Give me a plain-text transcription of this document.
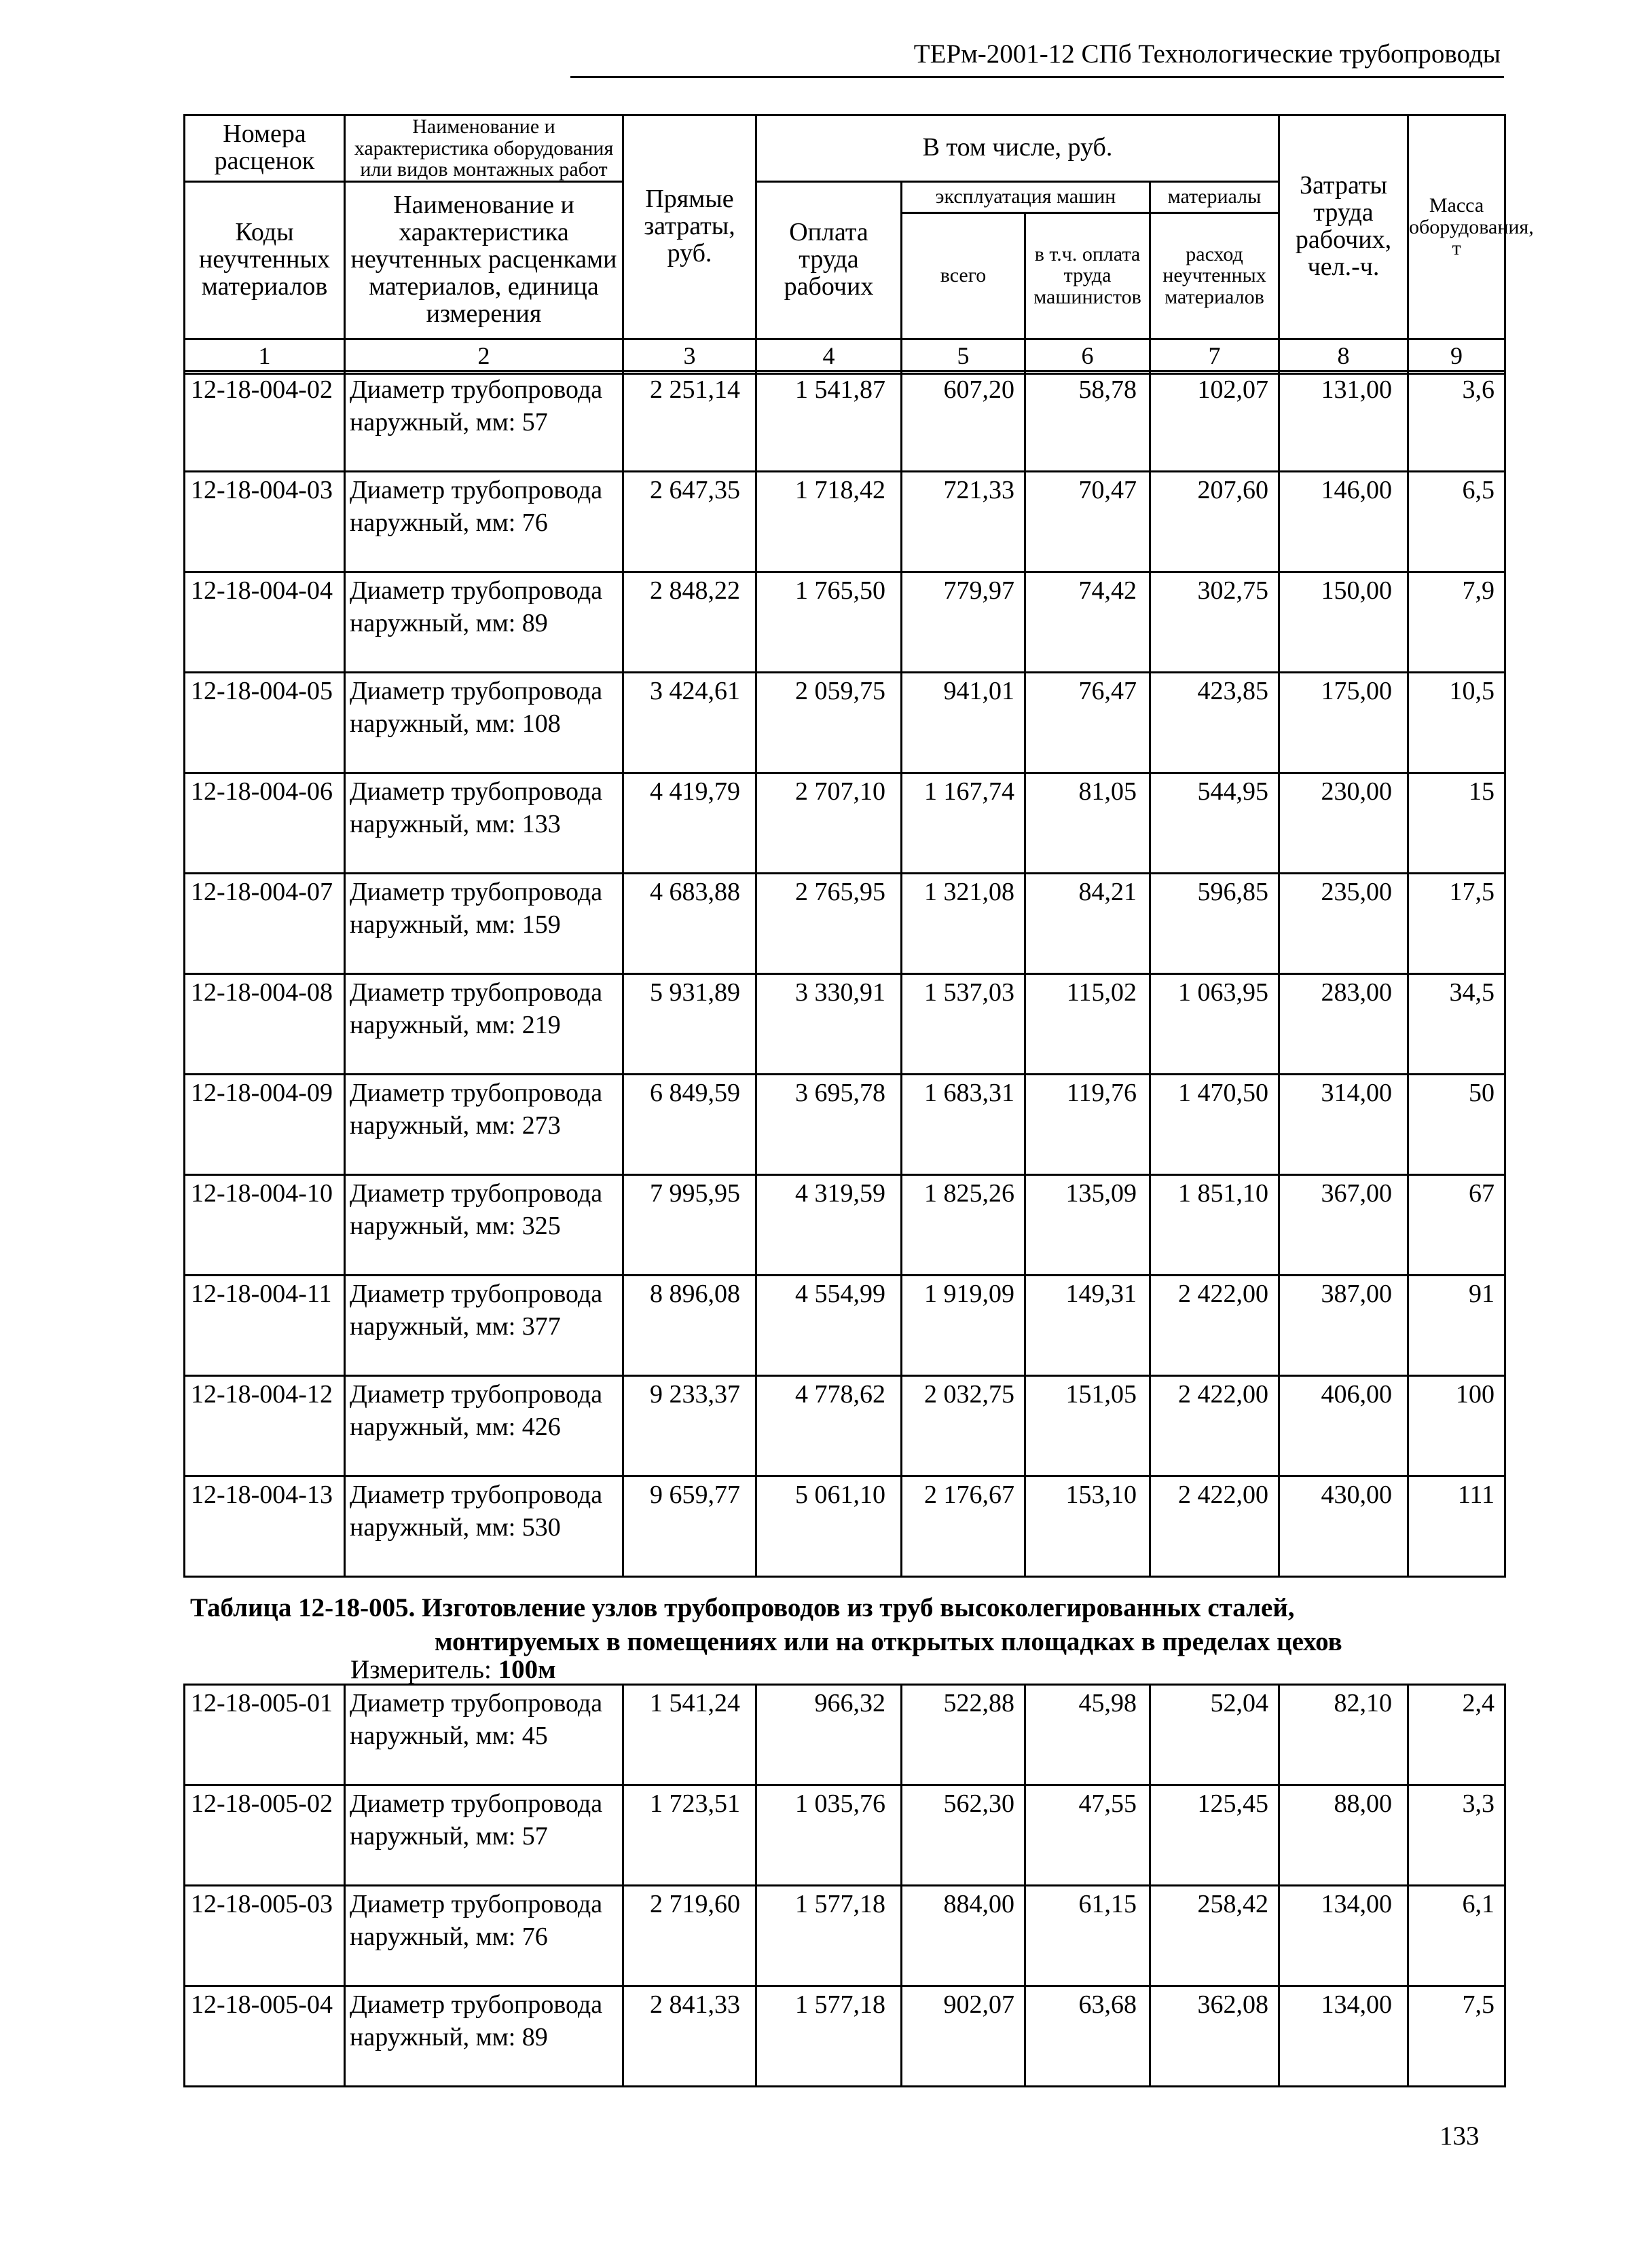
ТЕРм-2001-12 СПб Технологические трубопроводы
Номера расценок	Наименование и характеристика оборудования или видов монтажных работ	Прямые затраты, руб.	В том числе, руб.				Затраты труда рабочих, чел.-ч.	Масса оборудования, т
Коды неучтенных материалов	Наименование и характеристика неучтенных расценками материалов, единица измерения		Оплата труда рабочих	эксплуатация машин		материалы		
				всего	в т.ч. оплата труда машинистов	расход неучтенных материалов		

1	2	3	4	5	6	7	8	9
12-18-004-02	Диаметр трубопровода наружный, мм: 57	2 251,14	1 541,87	607,20	58,78	102,07	131,00	3,6
12-18-004-03	Диаметр трубопровода наружный, мм: 76	2 647,35	1 718,42	721,33	70,47	207,60	146,00	6,5
12-18-004-04	Диаметр трубопровода наружный, мм: 89	2 848,22	1 765,50	779,97	74,42	302,75	150,00	7,9
12-18-004-05	Диаметр трубопровода наружный, мм: 108	3 424,61	2 059,75	941,01	76,47	423,85	175,00	10,5
12-18-004-06	Диаметр трубопровода наружный, мм: 133	4 419,79	2 707,10	1 167,74	81,05	544,95	230,00	15
12-18-004-07	Диаметр трубопровода наружный, мм: 159	4 683,88	2 765,95	1 321,08	84,21	596,85	235,00	17,5
12-18-004-08	Диаметр трубопровода наружный, мм: 219	5 931,89	3 330,91	1 537,03	115,02	1 063,95	283,00	34,5
12-18-004-09	Диаметр трубопровода наружный, мм: 273	6 849,59	3 695,78	1 683,31	119,76	1 470,50	314,00	50
12-18-004-10	Диаметр трубопровода наружный, мм: 325	7 995,95	4 319,59	1 825,26	135,09	1 851,10	367,00	67
12-18-004-11	Диаметр трубопровода наружный, мм: 377	8 896,08	4 554,99	1 919,09	149,31	2 422,00	387,00	91
12-18-004-12	Диаметр трубопровода наружный, мм: 426	9 233,37	4 778,62	2 032,75	151,05	2 422,00	406,00	100
12-18-004-13	Диаметр трубопровода наружный, мм: 530	9 659,77	5 061,10	2 176,67	153,10	2 422,00	430,00	111
Таблица 12-18-005. Изготовление узлов трубопроводов из труб высоколегированных сталей,
монтируемых в помещениях или на открытых площадках в пределах цехов
Измеритель: 100м
12-18-005-01	Диаметр трубопровода наружный, мм: 45	1 541,24	966,32	522,88	45,98	52,04	82,10	2,4
12-18-005-02	Диаметр трубопровода наружный, мм: 57	1 723,51	1 035,76	562,30	47,55	125,45	88,00	3,3
12-18-005-03	Диаметр трубопровода наружный, мм: 76	2 719,60	1 577,18	884,00	61,15	258,42	134,00	6,1
12-18-005-04	Диаметр трубопровода наружный, мм: 89	2 841,33	1 577,18	902,07	63,68	362,08	134,00	7,5
133
